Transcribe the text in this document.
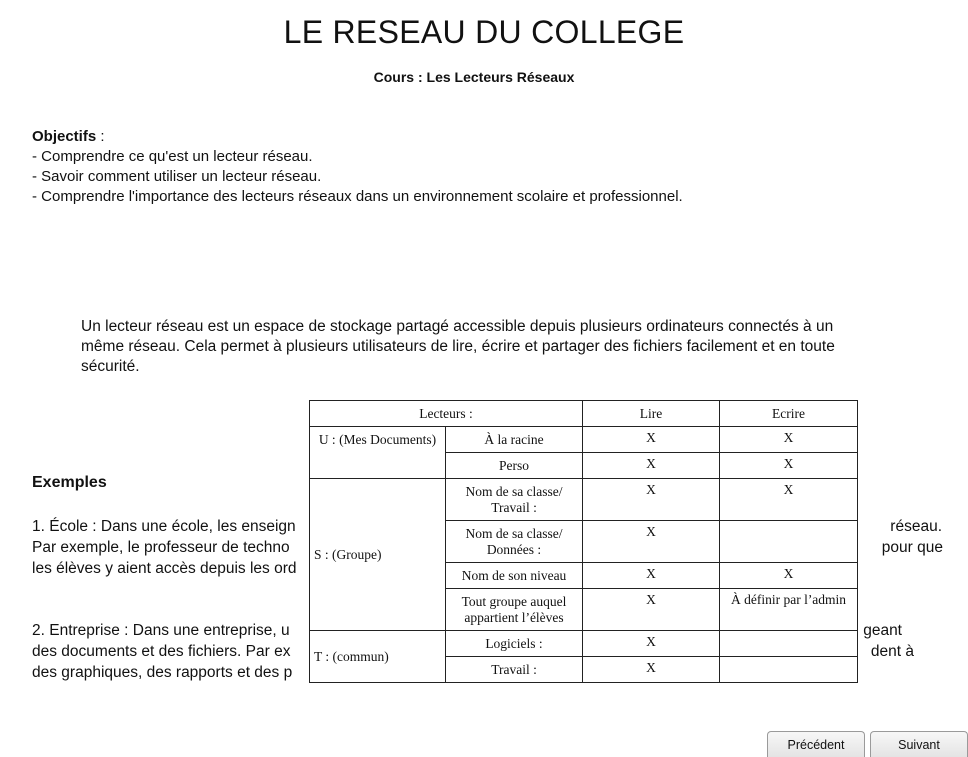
LE RESEAU DU COLLEGE
Cours : Les Lecteurs Réseaux
Objectifs :
- Comprendre ce qu'est un lecteur réseau.
- Savoir comment utiliser un lecteur réseau.
- Comprendre l'importance des lecteurs réseaux dans un environnement scolaire et professionnel.
Un lecteur réseau est un espace de stockage partagé accessible depuis plusieurs ordinateurs connectés à un même réseau. Cela permet à plusieurs utilisateurs de lire, écrire et partager des fichiers facilement et en toute sécurité.
Exemples
1. École : Dans une école, les enseign	réseau.
Par exemple, le professeur de techno	pour que
les élèves y aient accès depuis les ord
2. Entreprise : Dans une entreprise, u	geant
des documents et des fichiers. Par ex	dent à
des graphiques, des rapports et des p
Lecteurs :		Lire	Ecrire
U : (Mes Documents)	À la racine	X	X
	Perso	X	X
S : (Groupe)	Nom de sa classe/ Travail :	X	X
	Nom de sa classe/ Données :	X	
	Nom de son niveau	X	X
	Tout groupe auquel appartient l’élèves	X	À définir par l’admin
T : (commun)	Logiciels :	X	
	Travail :	X	
Précédent	Suivant
